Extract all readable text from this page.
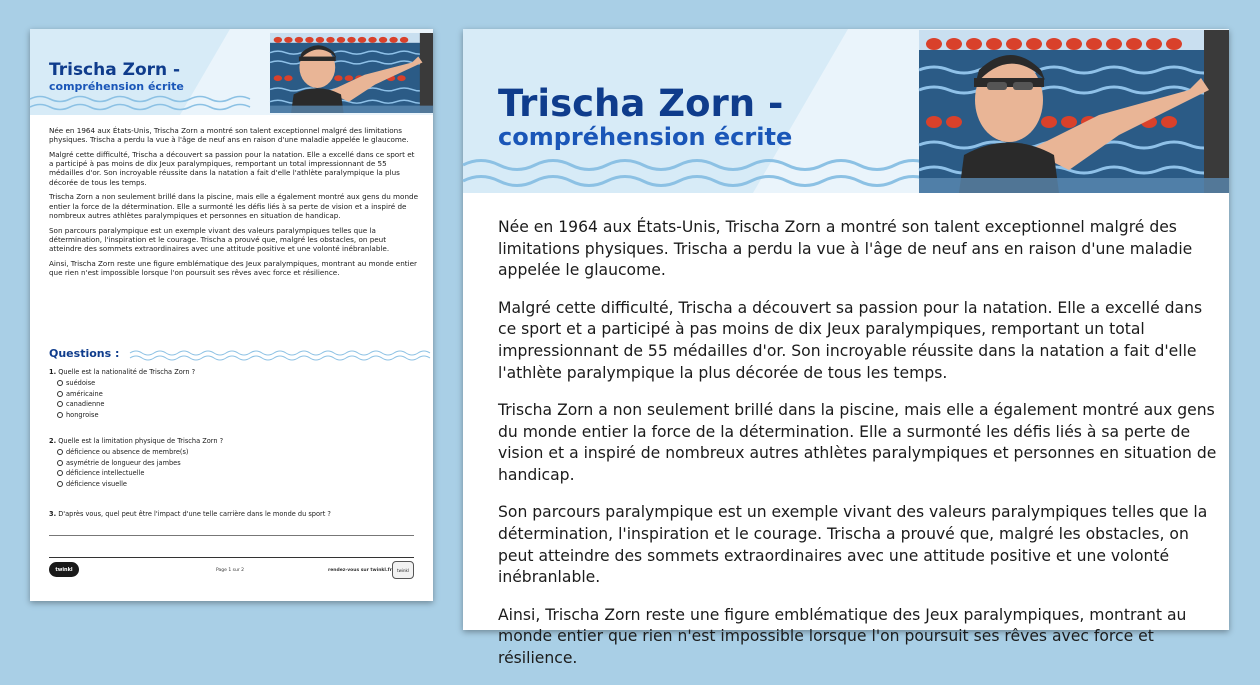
Trischa Zorn -
compréhension écrite

Née en 1964 aux États-Unis, Trischa Zorn a montré son talent exceptionnel malgré des limitations physiques. Trischa a perdu la vue à l'âge de neuf ans en raison d'une maladie appelée le glaucome.

Malgré cette difficulté, Trischa a découvert sa passion pour la natation. Elle a excellé dans ce sport et a participé à pas moins de dix Jeux paralympiques, remportant un total impressionnant de 55 médailles d'or. Son incroyable réussite dans la natation a fait d'elle l'athlète paralympique la plus décorée de tous les temps.

Trischa Zorn a non seulement brillé dans la piscine, mais elle a également montré aux gens du monde entier la force de la détermination. Elle a surmonté les défis liés à sa perte de vision et a inspiré de nombreux autres athlètes paralympiques et personnes en situation de handicap.

Son parcours paralympique est un exemple vivant des valeurs paralympiques telles que la détermination, l'inspiration et le courage. Trischa a prouvé que, malgré les obstacles, on peut atteindre des sommets extraordinaires avec une attitude positive et une volonté inébranlable.

Ainsi, Trischa Zorn reste une figure emblématique des Jeux paralympiques, montrant au monde entier que rien n'est impossible lorsque l'on poursuit ses rêves avec force et résilience.

Questions :

1. Quelle est la nationalité de Trischa Zorn ?

suédoise
américaine
canadienne
hongroise

2. Quelle est la limitation physique de Trischa Zorn ?

déficience ou absence de membre(s)
asymétrie de longueur des jambes
déficience intellectuelle
déficience visuelle

3. D'après vous, quel peut être l'impact d'une telle carrière dans le monde du sport ?

twinkl	Page 1 sur 2	rendez-vous sur twinkl.fr	twinkl
Trischa Zorn -
compréhension écrite

Née en 1964 aux États-Unis, Trischa Zorn a montré son talent exceptionnel malgré des limitations physiques. Trischa a perdu la vue à l'âge de neuf ans en raison d'une maladie appelée le glaucome.

Malgré cette difficulté, Trischa a découvert sa passion pour la natation. Elle a excellé dans ce sport et a participé à pas moins de dix Jeux paralympiques, remportant un total impressionnant de 55 médailles d'or. Son incroyable réussite dans la natation a fait d'elle l'athlète paralympique la plus décorée de tous les temps.

Trischa Zorn a non seulement brillé dans la piscine, mais elle a également montré aux gens du monde entier la force de la détermination. Elle a surmonté les défis liés à sa perte de vision et a inspiré de nombreux autres athlètes paralympiques et personnes en situation de handicap.

Son parcours paralympique est un exemple vivant des valeurs paralympiques telles que la détermination, l'inspiration et le courage. Trischa a prouvé que, malgré les obstacles, on peut atteindre des sommets extraordinaires avec une attitude positive et une volonté inébranlable.

Ainsi, Trischa Zorn reste une figure emblématique des Jeux paralympiques, montrant au monde entier que rien n'est impossible lorsque l'on poursuit ses rêves avec force et résilience.
